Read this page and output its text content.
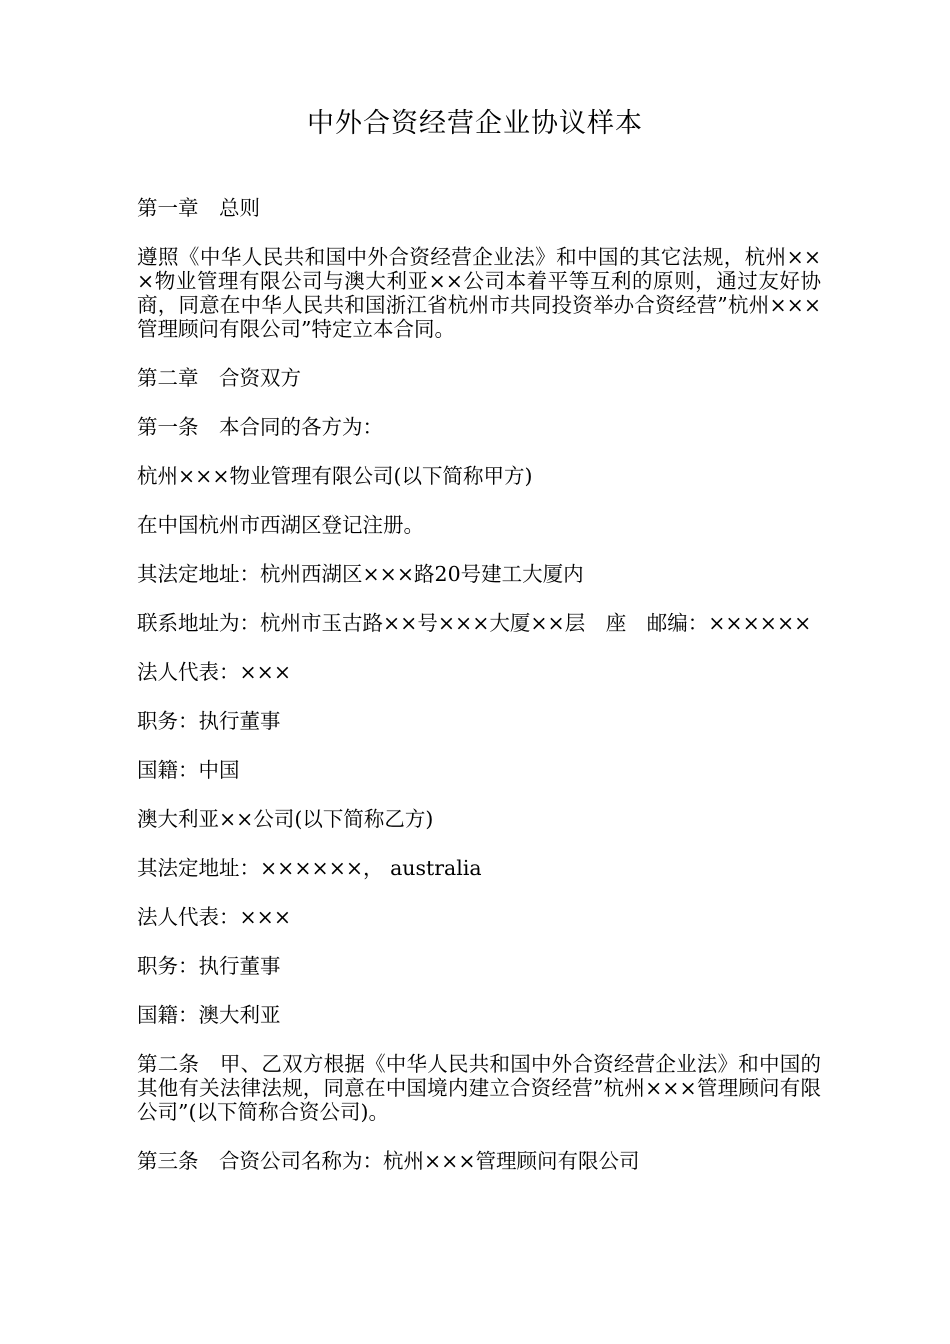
中外合资经营企业协议样本

第一章　总则

遵照《中华人民共和国中外合资经营企业法》和中国的其它法规，杭州×××物业管理有限公司与澳大利亚××公司本着平等互利的原则，通过友好协商，同意在中华人民共和国浙江省杭州市共同投资举办合资经营”杭州×××管理顾问有限公司”特定立本合同。

第二章　合资双方

第一条　本合同的各方为：

杭州×××物业管理有限公司(以下简称甲方)

在中国杭州市西湖区登记注册。

其法定地址：杭州西湖区×××路20号建工大厦内

联系地址为：杭州市玉古路××号×××大厦××层　座　邮编：××××××

法人代表：×××

职务：执行董事

国籍：中国

澳大利亚××公司(以下简称乙方)

其法定地址：××××××， australia

法人代表：×××

职务：执行董事

国籍：澳大利亚

第二条　甲、乙双方根据《中华人民共和国中外合资经营企业法》和中国的其他有关法律法规，同意在中国境内建立合资经营”杭州×××管理顾问有限公司”(以下简称合资公司)。

第三条　合资公司名称为：杭州×××管理顾问有限公司
